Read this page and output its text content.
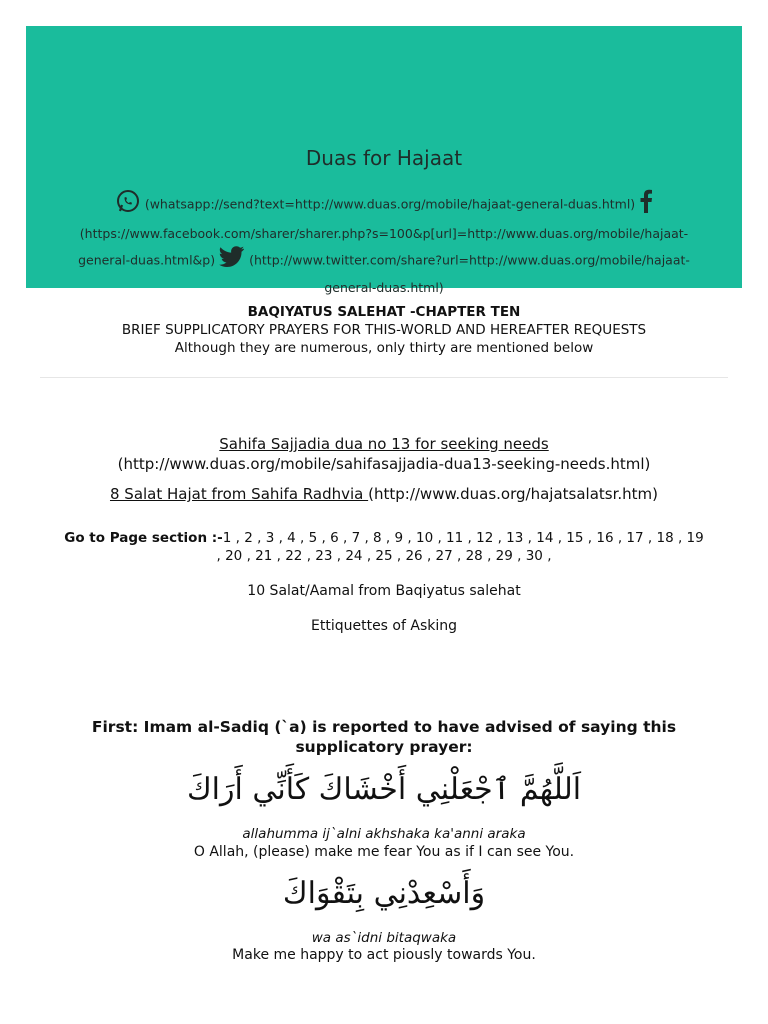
Duas for Hajaat
(whatsapp://send?text=http://www.duas.org/mobile/hajaat-general-duas.html)
(https://www.facebook.com/sharer/sharer.php?s=100&p[url]=http://www.duas.org/mobile/hajaat-general-duas.html&p)	(http://www.twitter.com/share?url=http://www.duas.org/mobile/hajaat-general-duas.html)
BAQIYATUS SALEHAT -CHAPTER TEN
BRIEF SUPPLICATORY PRAYERS FOR THIS-WORLD AND HEREAFTER REQUESTS
Although they are numerous, only thirty are mentioned below
Sahifa Sajjadia dua no 13 for seeking needs
(http://www.duas.org/mobile/sahifasajjadia-dua13-seeking-needs.html)
8 Salat Hajat from Sahifa Radhvia (http://www.duas.org/hajatsalatsr.htm)
Go to Page section :-1 , 2 , 3 , 4 , 5 , 6 , 7 , 8 , 9 , 10 , 11 , 12 , 13 , 14 , 15 , 16 , 17 , 18 , 19 , 20 , 21 , 22 , 23 , 24 , 25 , 26 , 27 , 28 , 29 , 30 ,
10 Salat/Aamal from Baqiyatus salehat
Ettiquettes of Asking
First: Imam al-Sadiq (`a) is reported to have advised of saying this supplicatory prayer:
اَللَّهُمَّ ٱجْعَلْنِي أَخْشَاكَ كَأَنِّي أَرَاكَ
allahumma ij`alni akhshaka ka'anni araka
O Allah, (please) make me fear You as if I can see You.
وَأَسْعِدْنِي بِتَقْوَاكَ
wa as`idni bitaqwaka
Make me happy to act piously towards You.
